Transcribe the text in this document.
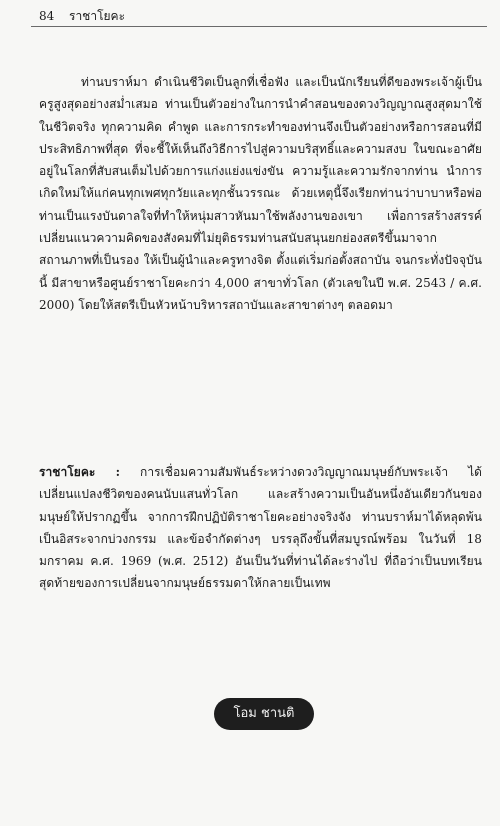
84 ราชาโยคะ

ท่านบราห์มา ดำเนินชีวิตเป็นลูกที่เชื่อฟัง และเป็นนักเรียนที่ดีของพระเจ้าผู้เป็นครูสูงสุดอย่างสม่ำเสมอ ท่านเป็นตัวอย่างในการนำคำสอนของดวงวิญญาณสูงสุดมาใช้ในชีวิตจริง ทุกความคิด คำพูด และการกระทำของท่านจึงเป็นตัวอย่างหรือการสอนที่มีประสิทธิภาพที่สุด ที่จะชี้ให้เห็นถึงวิธีการไปสู่ความบริสุทธิ์และความสงบ ในขณะอาศัยอยู่ในโลกที่สับสนเต็มไปด้วยการแก่งแย่งแข่งขัน ความรู้และความรักจากท่าน นำการเกิดใหม่ให้แก่คนทุกเพศทุกวัยและทุกชั้นวรรณะ ด้วยเหตุนี้จึงเรียกท่านว่าบาบาหรือพ่อ ท่านเป็นแรงบันดาลใจที่ทำให้หนุ่มสาวหันมาใช้พลังงานของเขา เพื่อการสร้างสรรค์ เปลี่ยนแนวความคิดของสังคมที่ไม่ยุติธรรมท่านสนับสนุนยกย่องสตรีขึ้นมาจากสถานภาพที่เป็นรอง ให้เป็นผู้นำและครูทางจิต ตั้งแต่เริ่มก่อตั้งสถาบัน จนกระทั่งปัจจุบันนี้ มีสาขาหรือศูนย์ราชาโยคะกว่า 4,000 สาขาทั่วโลก (ตัวเลขในปี พ.ศ. 2543 / ค.ศ. 2000) โดยให้สตรีเป็นหัวหน้าบริหารสถาบันและสาขาต่างๆ ตลอดมา

ราชาโยคะ : การเชื่อมความสัมพันธ์ระหว่างดวงวิญญาณมนุษย์กับพระเจ้า ได้เปลี่ยนแปลงชีวิตของคนนับแสนทั่วโลก และสร้างความเป็นอันหนึ่งอันเดียวกันของมนุษย์ให้ปรากฏขึ้น จากการฝึกปฏิบัติราชาโยคะอย่างจริงจัง ท่านบราห์มาได้หลุดพ้นเป็นอิสระจากบ่วงกรรม และข้อจำกัดต่างๆ บรรลุถึงขั้นที่สมบูรณ์พร้อม ในวันที่ 18 มกราคม ค.ศ. 1969 (พ.ศ. 2512) อันเป็นวันที่ท่านได้ละร่างไป ที่ถือว่าเป็นบทเรียนสุดท้ายของการเปลี่ยนจากมนุษย์ธรรมดาให้กลายเป็นเทพ

โอม ชานติ
